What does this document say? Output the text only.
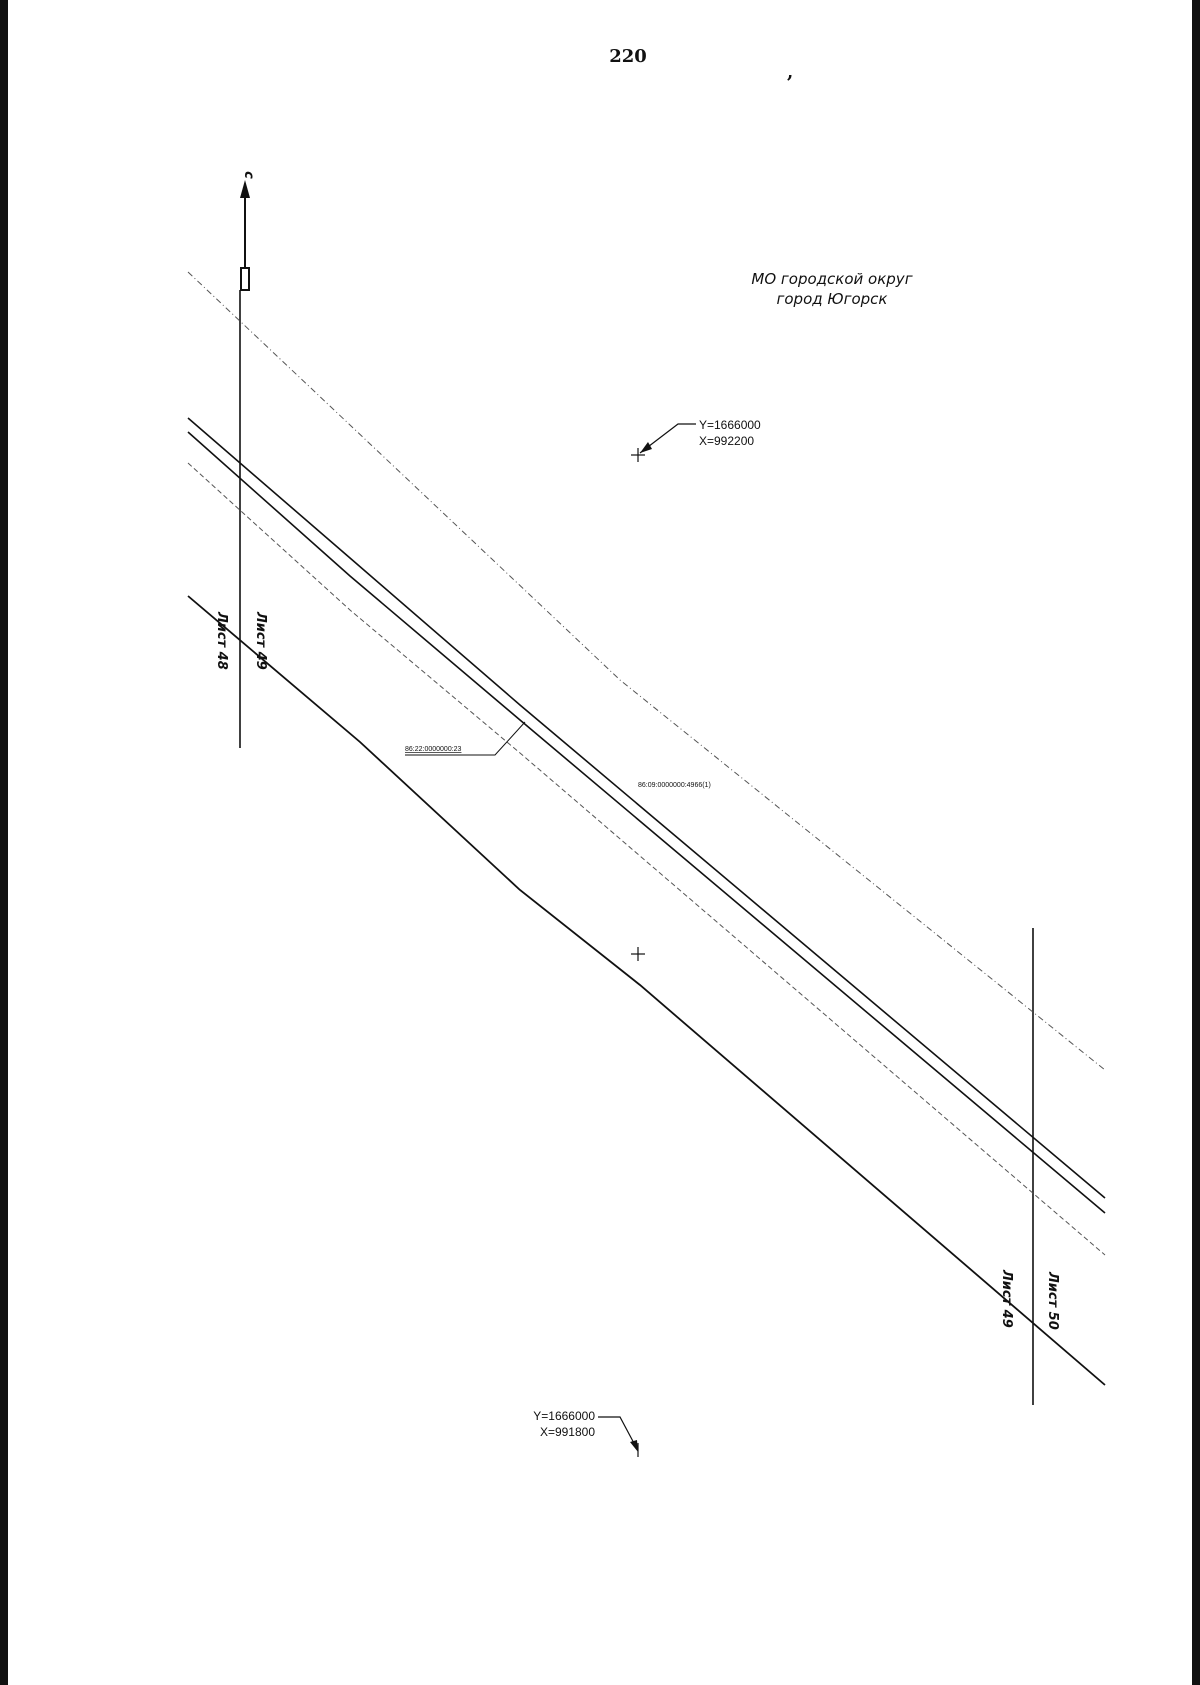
220
,
c
МО городской округ
город Югорск
Y=1666000
X=992200
Y=1666000
X=991800
86:22:0000000:23
86:09:0000000:4966(1)
Лист 48 Лист 49
Лист 49 Лист 50
